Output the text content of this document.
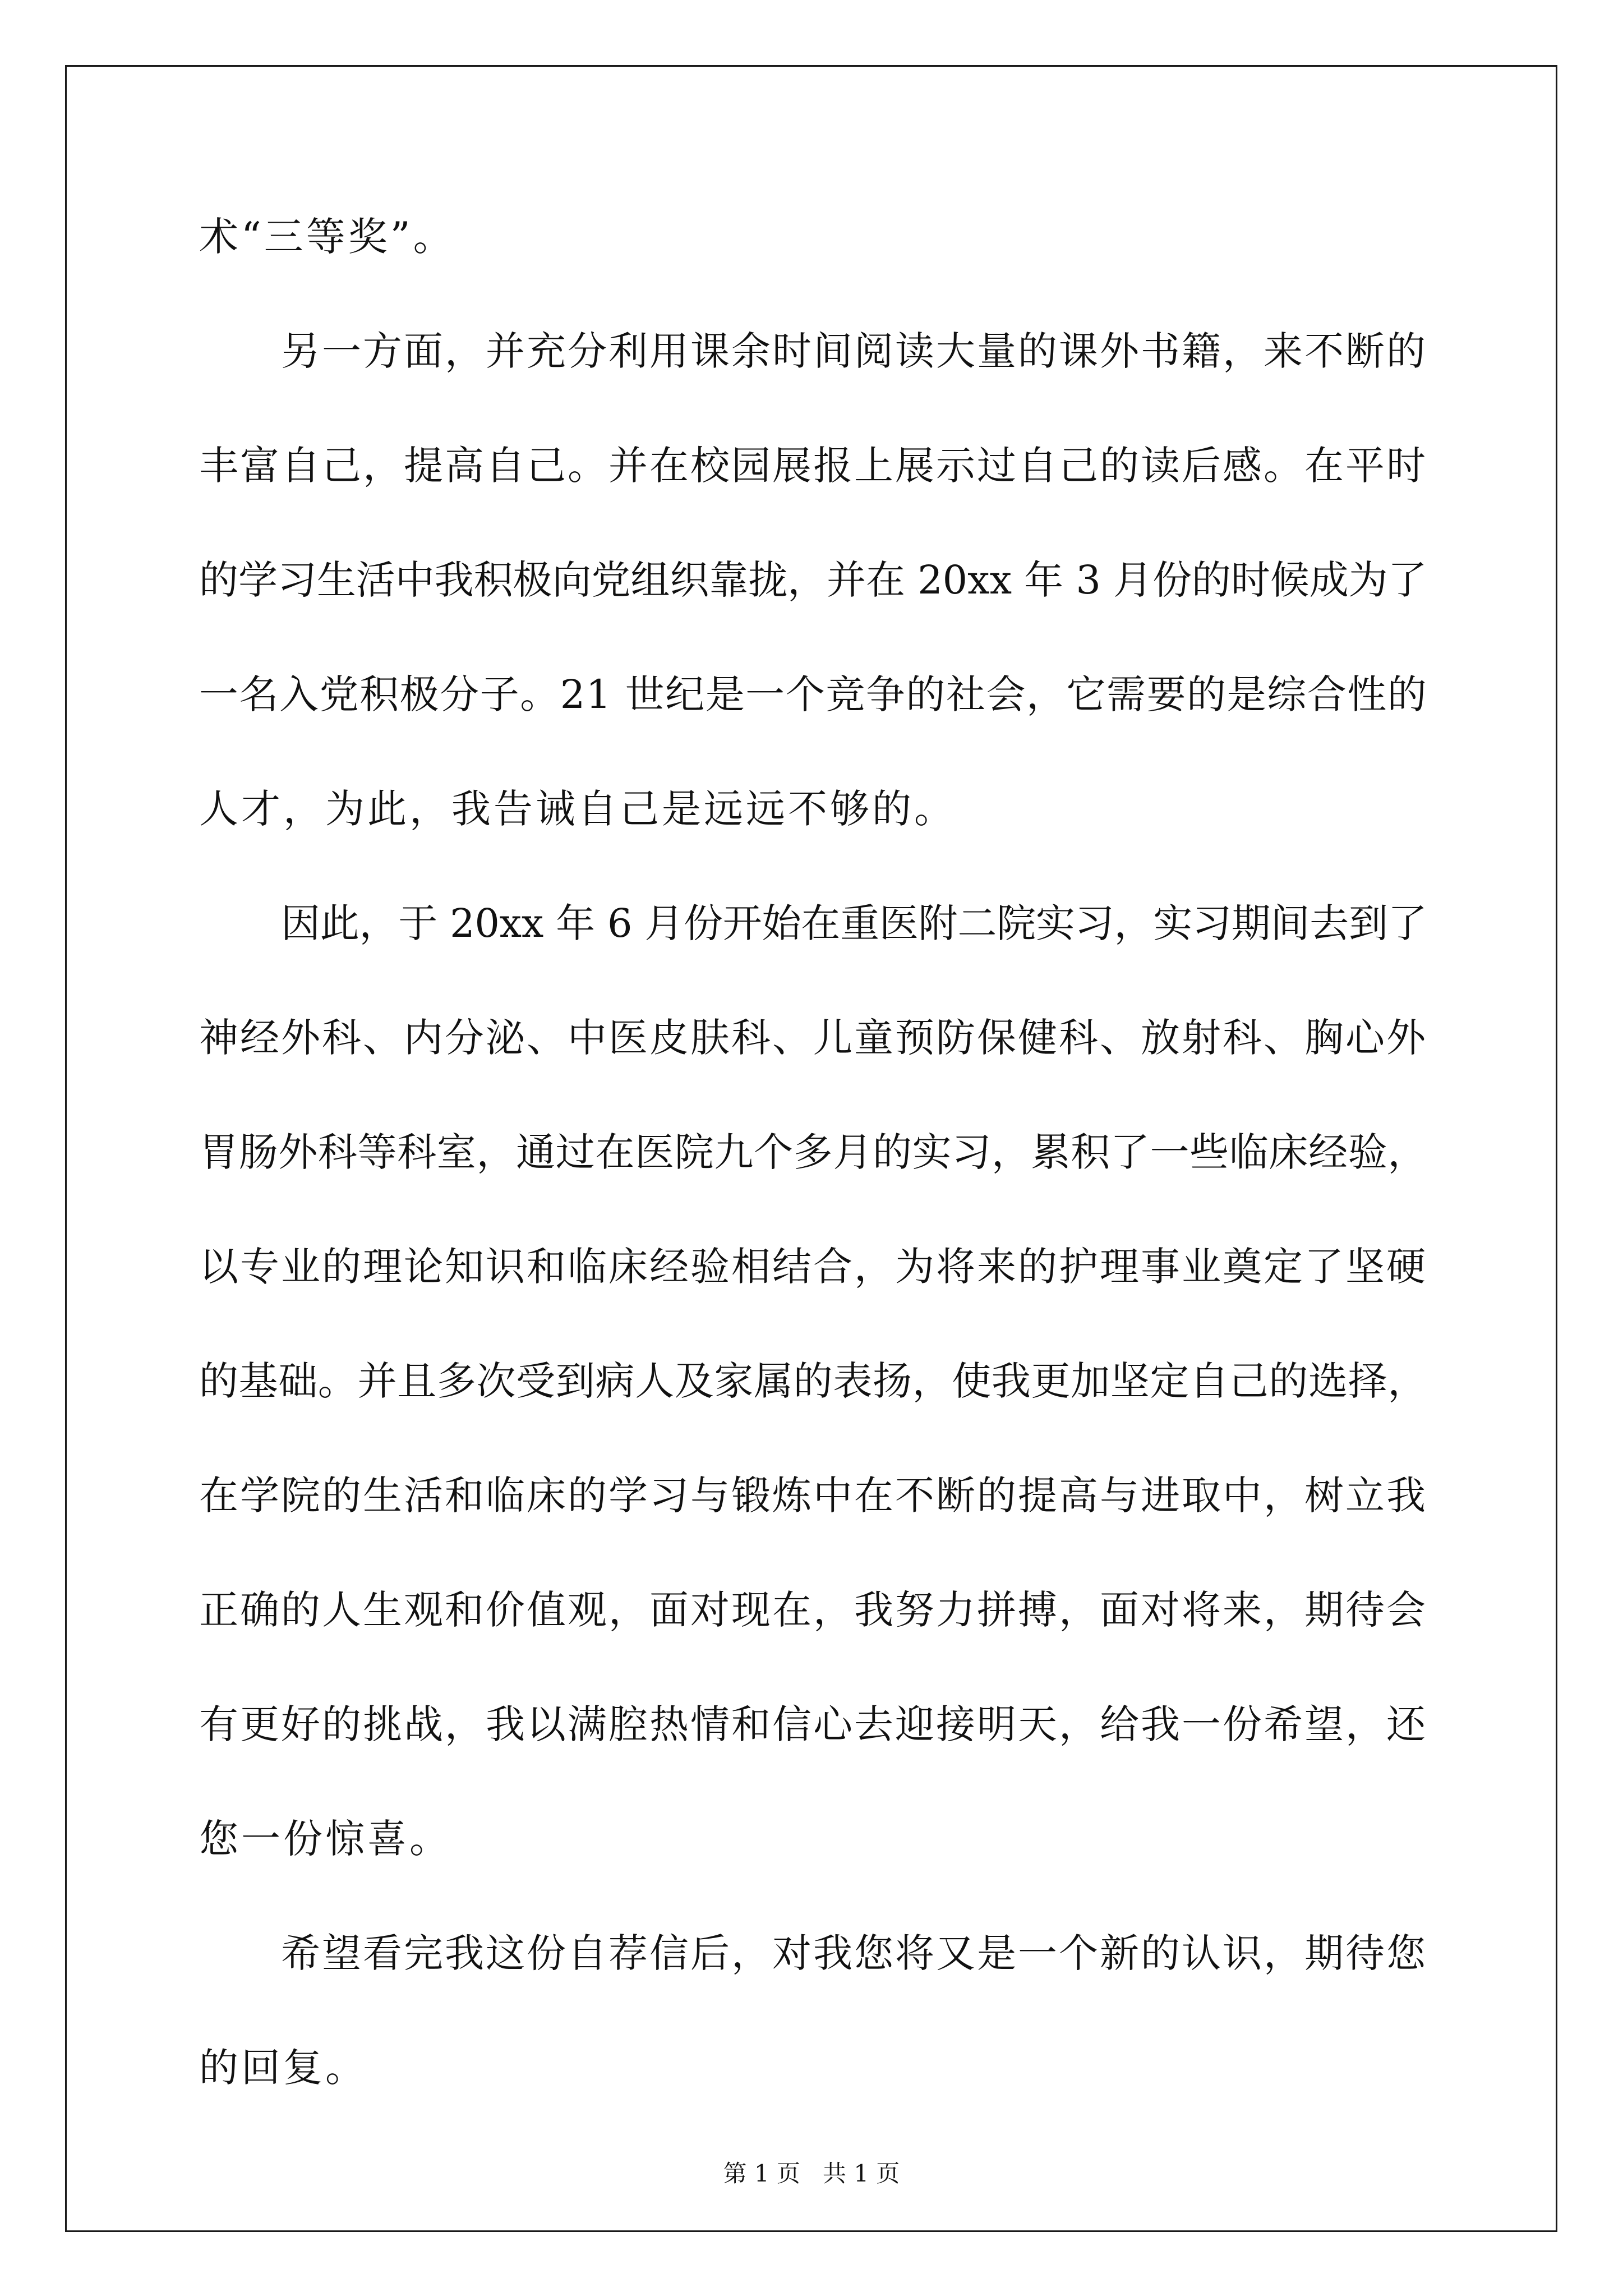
术“三等奖”。
另一方面，并充分利用课余时间阅读大量的课外书籍，来不断的
丰富自己，提高自己。并在校园展报上展示过自己的读后感。在平时
的学习生活中我积极向党组织靠拢，并在 20xx 年 3 月份的时候成为了
一名入党积极分子。21 世纪是一个竞争的社会，它需要的是综合性的
人才，为此，我告诫自己是远远不够的。
因此，于 20xx 年 6 月份开始在重医附二院实习，实习期间去到了
神经外科、内分泌、中医皮肤科、儿童预防保健科、放射科、胸心外
胃肠外科等科室，通过在医院九个多月的实习，累积了一些临床经验，
以专业的理论知识和临床经验相结合，为将来的护理事业奠定了坚硬
的基础。并且多次受到病人及家属的表扬，使我更加坚定自己的选择，
在学院的生活和临床的学习与锻炼中在不断的提高与进取中，树立我
正确的人生观和价值观，面对现在，我努力拼搏，面对将来，期待会
有更好的挑战，我以满腔热情和信心去迎接明天，给我一份希望，还
您一份惊喜。
希望看完我这份自荐信后，对我您将又是一个新的认识，期待您
的回复。
第 1 页 共 1 页
